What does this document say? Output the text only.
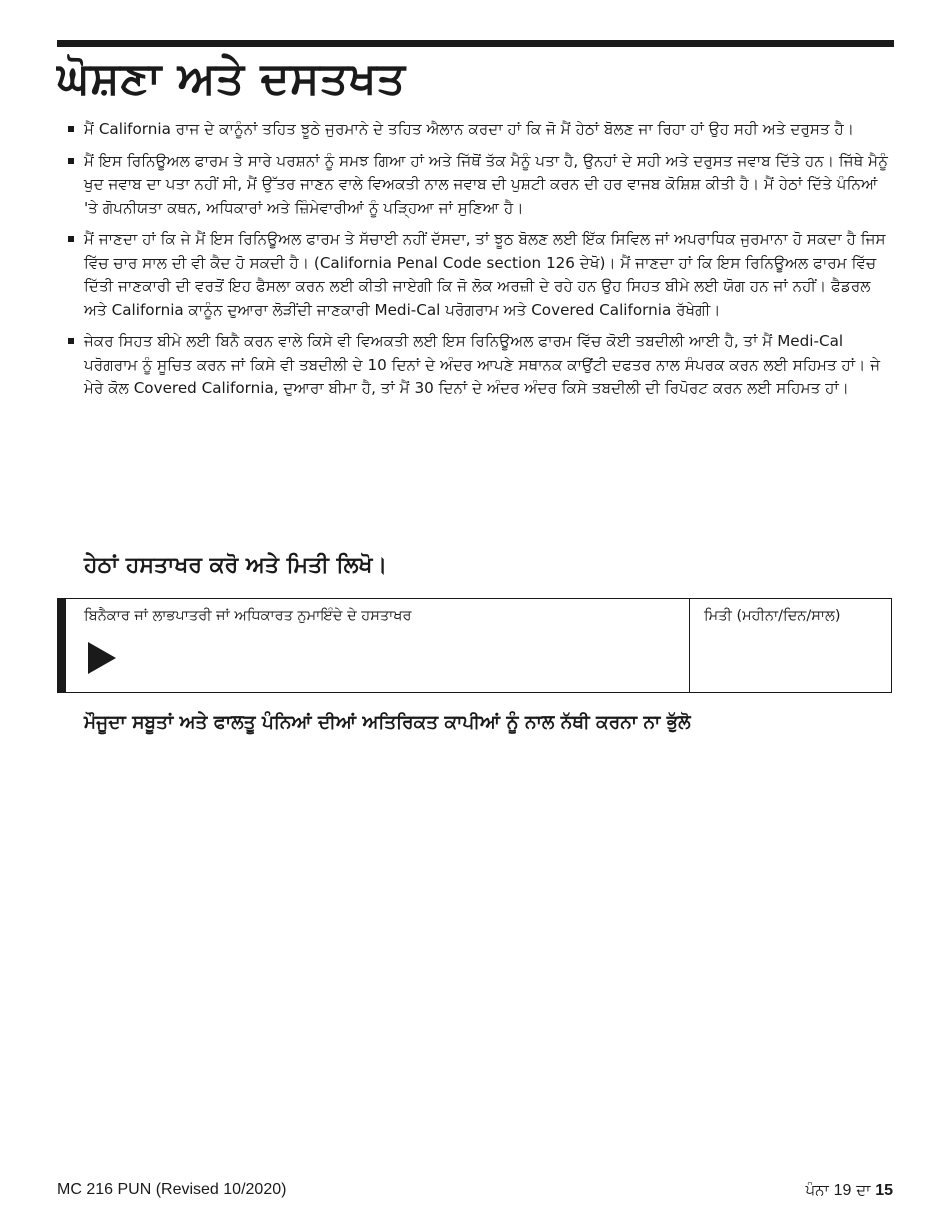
ਘੋਸ਼ਣਾ ਅਤੇ ਦਸਤਖਤ
ਮੈਂ California ਰਾਜ ਦੇ ਕਾਨੂੰਨਾਂ ਤਹਿਤ ਝੂਠੇ ਜੁਰਮਾਨੇ ਦੇ ਤਹਿਤ ਐਲਾਨ ਕਰਦਾ ਹਾਂ ਕਿ ਜੋ ਮੈਂ ਹੇਠਾਂ ਬੋਲਣ ਜਾ ਰਿਹਾ ਹਾਂ ਉਹ ਸਹੀ ਅਤੇ ਦਰੁਸਤ ਹੈ।
ਮੈਂ ਇਸ ਰਿਨਿਊਅਲ ਫਾਰਮ ਤੇ ਸਾਰੇ ਪਰਸ਼ਨਾਂ ਨੂੰ ਸਮਝ ਗਿਆ ਹਾਂ ਅਤੇ ਜਿੱਥੋਂ ਤੱਕ ਮੈਨੂੰ ਪਤਾ ਹੈ, ਉਨਹਾਂ ਦੇ ਸਹੀ ਅਤੇ ਦਰੁਸਤ ਜਵਾਬ ਦਿੱਤੇ ਹਨ। ਜਿੱਥੇ ਮੈਨੂੰ ਖੁਦ ਜਵਾਬ ਦਾ ਪਤਾ ਨਹੀਂ ਸੀ, ਮੈਂ ਉੱਤਰ ਜਾਣਨ ਵਾਲੇ ਵਿਅਕਤੀ ਨਾਲ ਜਵਾਬ ਦੀ ਪੁਸ਼ਟੀ ਕਰਨ ਦੀ ਹਰ ਵਾਜਬ ਕੋਸ਼ਿਸ਼ ਕੀਤੀ ਹੈ। ਮੈਂ ਹੇਠਾਂ ਦਿੱਤੇ ਪੰਨਿਆਂ 'ਤੇ ਗੋਪਨੀਯਤਾ ਕਥਨ, ਅਧਿਕਾਰਾਂ ਅਤੇ ਜ਼ਿੰਮੇਵਾਰੀਆਂ ਨੂੰ ਪੜ੍ਹਿਆ ਜਾਂ ਸੁਣਿਆ ਹੈ।
ਮੈਂ ਜਾਣਦਾ ਹਾਂ ਕਿ ਜੇ ਮੈਂ ਇਸ ਰਿਨਿਊਅਲ ਫਾਰਮ ਤੇ ਸੱਚਾਈ ਨਹੀਂ ਦੱਸਦਾ, ਤਾਂ ਝੂਠ ਬੋਲਣ ਲਈ ਇੱਕ ਸਿਵਿਲ ਜਾਂ ਅਪਰਾਧਿਕ ਜੁਰਮਾਨਾ ਹੋ ਸਕਦਾ ਹੈ ਜਿਸ ਵਿੱਚ ਚਾਰ ਸਾਲ ਦੀ ਵੀ ਕੈਦ ਹੋ ਸਕਦੀ ਹੈ। (California Penal Code section 126 ਦੇਖੋ)। ਮੈਂ ਜਾਣਦਾ ਹਾਂ ਕਿ ਇਸ ਰਿਨਿਊਅਲ ਫਾਰਮ ਵਿੱਚ ਦਿੱਤੀ ਜਾਣਕਾਰੀ ਦੀ ਵਰਤੋਂ ਇਹ ਫੈਸਲਾ ਕਰਨ ਲਈ ਕੀਤੀ ਜਾਏਗੀ ਕਿ ਜੋ ਲੋਕ ਅਰਜ਼ੀ ਦੇ ਰਹੇ ਹਨ ਉਹ ਸਿਹਤ ਬੀਮੇ ਲਈ ਯੋਗ ਹਨ ਜਾਂ ਨਹੀਂ। ਫੈਡਰਲ ਅਤੇ California ਕਾਨੂੰਨ ਦੁਆਰਾ ਲੋੜੀਂਦੀ ਜਾਣਕਾਰੀ Medi-Cal ਪਰੋਗਰਾਮ ਅਤੇ Covered California ਰੱਖੇਗੀ।
ਜੇਕਰ ਸਿਹਤ ਬੀਮੇ ਲਈ ਬਿਨੈ ਕਰਨ ਵਾਲੇ ਕਿਸੇ ਵੀ ਵਿਅਕਤੀ ਲਈ ਇਸ ਰਿਨਿਊਅਲ ਫਾਰਮ ਵਿੱਚ ਕੋਈ ਤਬਦੀਲੀ ਆਈ ਹੈ, ਤਾਂ ਮੈਂ Medi-Cal ਪਰੋਗਰਾਮ ਨੂੰ ਸੂਚਿਤ ਕਰਨ ਜਾਂ ਕਿਸੇ ਵੀ ਤਬਦੀਲੀ ਦੇ 10 ਦਿਨਾਂ ਦੇ ਅੰਦਰ ਆਪਣੇ ਸਥਾਨਕ ਕਾਉਂਟੀ ਦਫਤਰ ਨਾਲ ਸੰਪਰਕ ਕਰਨ ਲਈ ਸਹਿਮਤ ਹਾਂ। ਜੇ ਮੇਰੇ ਕੋਲ Covered California, ਦੁਆਰਾ ਬੀਮਾ ਹੈ, ਤਾਂ ਮੈਂ 30 ਦਿਨਾਂ ਦੇ ਅੰਦਰ ਅੰਦਰ ਕਿਸੇ ਤਬਦੀਲੀ ਦੀ ਰਿਪੋਰਟ ਕਰਨ ਲਈ ਸਹਿਮਤ ਹਾਂ।
ਹੇਠਾਂ ਹਸਤਾਖਰ ਕਰੋ ਅਤੇ ਮਿਤੀ ਲਿਖੋ।
ਬਿਨੈਕਾਰ ਜਾਂ ਲਾਭਪਾਤਰੀ ਜਾਂ ਅਧਿਕਾਰਤ ਨੁਮਾਇੰਦੇ ਦੇ ਹਸਤਾਖਰ	ਮਿਤੀ (ਮਹੀਨਾ/ਦਿਨ/ਸਾਲ)

ਮੌਜੂਦਾ ਸਬੂਤਾਂ ਅਤੇ ਫਾਲਤੂ ਪੰਨਿਆਂ ਦੀਆਂ ਅਤਿਰਿਕਤ ਕਾਪੀਆਂ ਨੂੰ ਨਾਲ ਨੱਥੀ ਕਰਨਾ ਨਾ ਭੁੱਲੋ

MC 216 PUN (Revised 10/2020)	ਪੰਨਾ 19 ਦਾ 15
